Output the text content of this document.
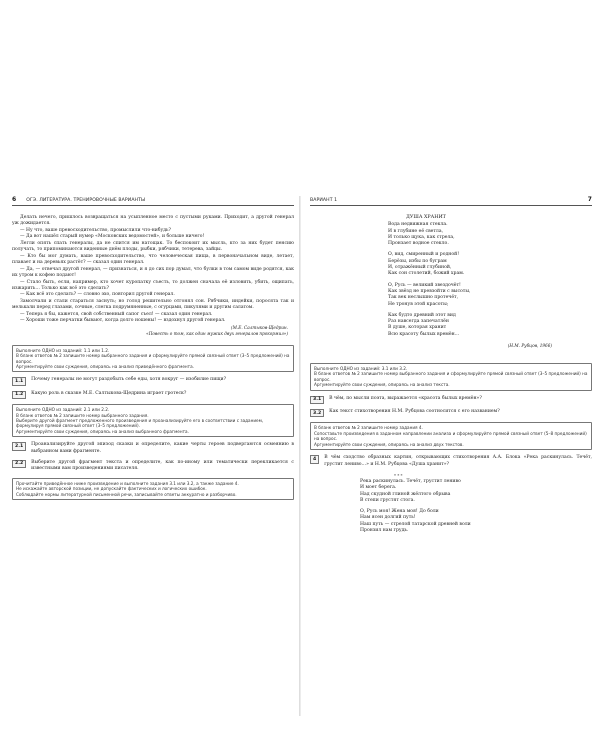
6 ОГЭ. ЛИТЕРАТУРА. ТРЕНИРОВОЧНЫЕ ВАРИАНТЫ

Делать нечего, пришлось возвращаться на усыпленное место с пустыми руками. Приходит, а другой генерал уж дожидается.

— Ну что, ваше превосходительство, промыслили что-нибудь?

— Да вот нашёл старый нумер «Московских ведомостей», и больше ничего!

Легли опять спать генералы, да не спится им натощак. То беспокоит их мысль, кто за них будет пенсию получать, то припоминаются виденные днём плоды, рыбки, рябчики, тетерева, зайцы.

— Кто бы мог думать, ваше превосходительство, что человеческая пища, в первоначальном виде, летает, плавает и на деревьях растёт? — сказал один генерал.

— Да, — отвечал другой генерал, — признаться, и я до сих пор думал, что булки в том самом виде родятся, как их утром к кофею подают!

— Стало быть, если, например, кто хочет куропатку съесть, то должен сначала её изловить, убить, ощипать, изжарить… Только как всё это сделать?

— Как всё это сделать? — словно эхо, повторил другой генерал.

Замолчали и стали стараться заснуть; но голод решительно отгонял сон. Рябчики, индейки, поросята так и мелькали перед глазами, сочные, слегка подрумяненные, с огурцами, пикулями и другим салатом.

— Теперь я бы, кажется, свой собственный сапог съел! — сказал один генерал.

— Хороши тоже перчатки бывают, когда долго ношены! — вздохнул другой генерал.

(М.Е. Салтыков-Щедрин.
«Повесть о том, как один мужик двух генералов прокормил»)
Выполните ОДНО из заданий: 1.1 или 1.2.
В бланк ответов № 2 запишите номер выбранного задания и сформулируйте прямой связный ответ (3–5 предложений) на вопрос.
Аргументируйте свои суждения, опираясь на анализ приведённого фрагмента.
1.1	Почему генералы не могут раздобыть себе еды, хотя вокруг — изобилие пищи?
1.2	Какую роль в сказке М.Е. Салтыкова-Щедрина играет гротеск?
Выполните ОДНО из заданий: 2.1 или 2.2.
В бланк ответов № 2 запишите номер выбранного задания.
Выберите другой фрагмент предложенного произведения и проанализируйте его в соответствии с заданием, формулируя прямой связный ответ (3–5 предложений).
Аргументируйте свои суждения, опираясь на анализ выбранного фрагмента.
2.1	Проанализируйте другой эпизод сказки и определите, какие черты героев подвергаются осмеянию в выбранном вами фрагменте.
2.2	Выберите другой фрагмент текста и определите, как по-иному или тематически перекликается с известными вам произведениями писателя.
Прочитайте приведённое ниже произведение и выполните задания 3.1 или 3.2, а также задание 4.
Не искажайте авторской позиции, не допускайте фактических и логических ошибок.
Соблюдайте нормы литературной письменной речи, записывайте ответы аккуратно и разборчиво.
ВАРИАНТ 1	7
ДУША ХРАНИТ
Вода недвижная стекла.
И в глубине её светла,
И только щука, как стрела,
Пронзает водное стекло.
О, вид, смиренный и родной!
Берёзы, избы по буграм
И, отражённый глубиной,
Как сон столетий, божий храм.
О, Русь — великий звездочёт!
Как звёзд не превзойти с высоты,
Так век неслышно протечёт,
Не тронув этой красоты;
Как будто древний этот вид
Раз навсегда запечатлён
В душе, которая хранит
Всю красоту былых времён…
(Н.М. Рубцов, 1966)
Выполните ОДНО из заданий: 3.1 или 3.2.
В бланк ответов № 2 запишите номер выбранного задания и сформулируйте прямой связный ответ (3–5 предложений) на вопрос.
Аргументируйте свои суждения, опираясь на анализ текста.
3.1	В чём, по мысли поэта, выражается «красота былых времён»?
3.2	Как текст стихотворения Н.М. Рубцова соотносится с его названием?
В бланк ответов № 2 запишите номер задания 4.
Сопоставьте произведения в заданном направлении анализа и сформулируйте прямой связный ответ (5–8 предложений) на вопрос.
Аргументируйте свои суждения, опираясь на анализ двух текстов.
4	В чём сходство образных картин, открывающих стихотворения А.А. Блока «Река раскинулась. Течёт, грустит лениво…» и Н.М. Рубцова «Душа хранит»?
* * *
Река раскинулась. Течёт, грустит лениво
И моет берега.
Над скудной глиной жёлтого обрыва
В степи грустят стога.
О, Русь моя! Жена моя! До боли
Нам ясен долгий путь!
Наш путь — стрелой татарской древней воли
Пронзил нам грудь.
